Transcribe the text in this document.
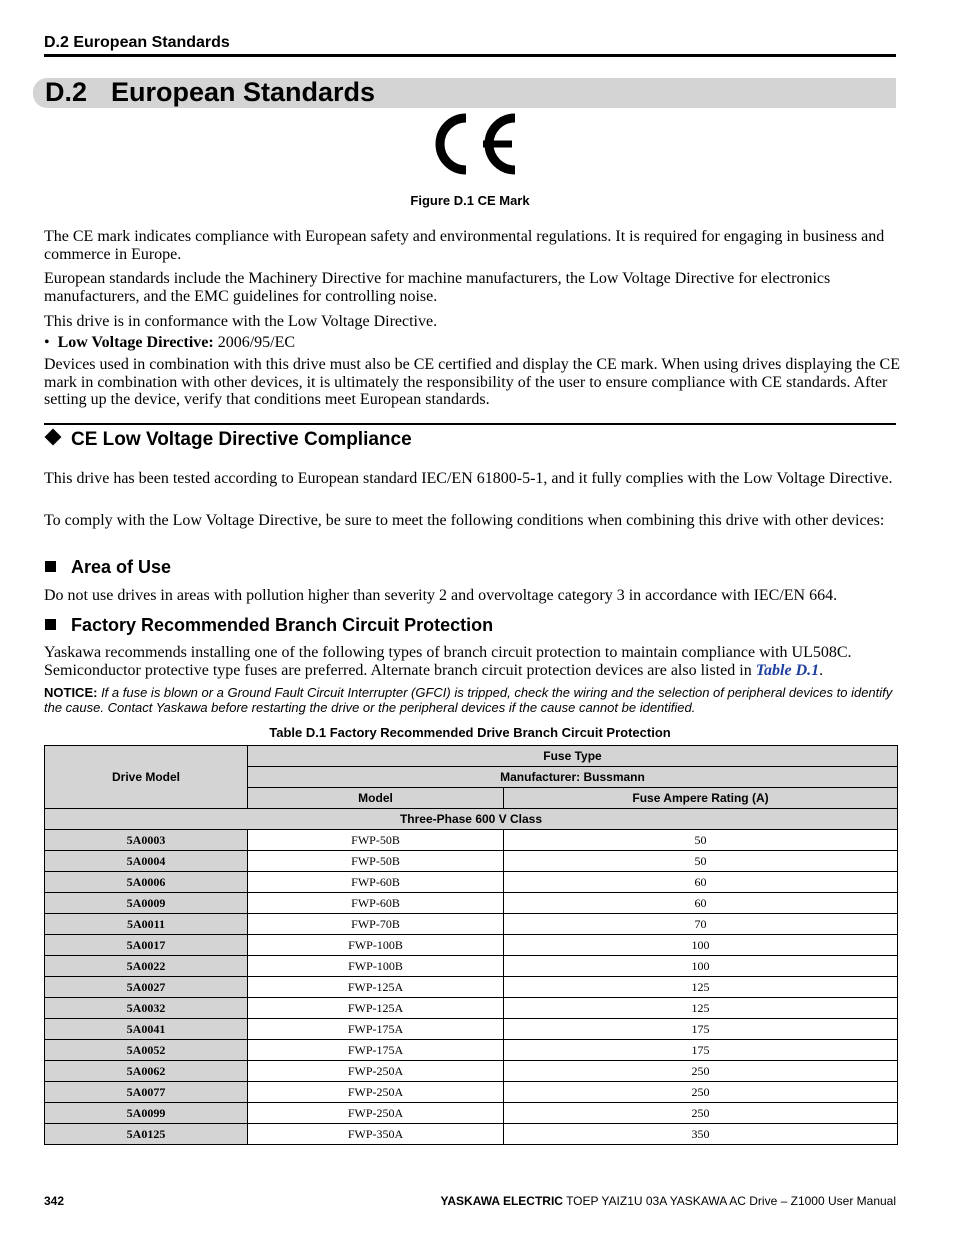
D.2 European Standards
D.2 European Standards
Figure D.1 CE Mark
The CE mark indicates compliance with European safety and environmental regulations. It is required for engaging in business and commerce in Europe.
European standards include the Machinery Directive for machine manufacturers, the Low Voltage Directive for electronics manufacturers, and the EMC guidelines for controlling noise.
This drive is in conformance with the Low Voltage Directive.
•  Low Voltage Directive: 2006/95/EC
Devices used in combination with this drive must also be CE certified and display the CE mark. When using drives displaying the CE mark in combination with other devices, it is ultimately the responsibility of the user to ensure compliance with CE standards. After setting up the device, verify that conditions meet European standards.
CE Low Voltage Directive Compliance
This drive has been tested according to European standard IEC/EN 61800-5-1, and it fully complies with the Low Voltage Directive.
To comply with the Low Voltage Directive, be sure to meet the following conditions when combining this drive with other devices:
Area of Use
Do not use drives in areas with pollution higher than severity 2 and overvoltage category 3 in accordance with IEC/EN 664.
Factory Recommended Branch Circuit Protection
Yaskawa recommends installing one of the following types of branch circuit protection to maintain compliance with UL508C. Semiconductor protective type fuses are preferred. Alternate branch circuit protection devices are also listed in Table D.1.
NOTICE: If a fuse is blown or a Ground Fault Circuit Interrupter (GFCI) is tripped, check the wiring and the selection of peripheral devices to identify the cause. Contact Yaskawa before restarting the drive or the peripheral devices if the cause cannot be identified.
Table D.1 Factory Recommended Drive Branch Circuit Protection
Drive Model	Fuse Type	
	Manufacturer: Bussmann	
	Model	Fuse Ampere Rating (A)
Three-Phase 600 V Class		
5A0003	FWP-50B	50
5A0004	FWP-50B	50
5A0006	FWP-60B	60
5A0009	FWP-60B	60
5A0011	FWP-70B	70
5A0017	FWP-100B	100
5A0022	FWP-100B	100
5A0027	FWP-125A	125
5A0032	FWP-125A	125
5A0041	FWP-175A	175
5A0052	FWP-175A	175
5A0062	FWP-250A	250
5A0077	FWP-250A	250
5A0099	FWP-250A	250
5A0125	FWP-350A	350
342	YASKAWA ELECTRIC TOEP YAIZ1U 03A YASKAWA AC Drive – Z1000 User Manual
